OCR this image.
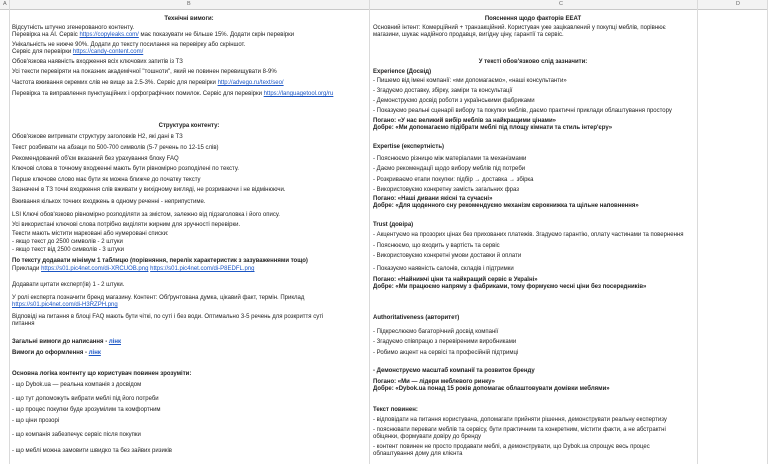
A	B	C	D
Технічні вимоги:
Відсутність штучно згенерованого контенту.
Перевірка на AI. Сервіс https://copyleaks.com/ має показувати не більше 15%. Додати скрін перевірки
Унікальність не нижче 90%. Додати до тексту посилання на перевірку або скріншот.
Сервіс для перевірки https://candy-content.com/
Обов'язкова наявність входження всіх ключових запитів із ТЗ
Усі тексти перевіряти на показник академічної "тошноти", який не повинен перевищувати 8-9%
Частота вживання окремих слів не вище за 2.5-3%. Сервіс для перевірки http://advego.ru/text/seo/
Перевірка та виправлення пунктуаційних і орфографічних помилок. Сервіс для перевірки https://languagetool.org/ru
Структура контенту:
Обов'язкове витримати структуру заголовків Н2, які дані в ТЗ
Текст розбивати на абзаци по 500-700 символів (5-7 речень по 12-15 слів)
Рекомендований об'єм вказаний без урахування блоку FAQ
Ключові слова в точному входженні мають бути рівномірно розподілені по тексту.
Перше ключове слово має бути як можна ближче до початку тексту
Зазначені в ТЗ точні входження слів вживати у вихідному вигляді, не розриваючи і не відмінюючи.
Вживання кількох точних входжень в одному реченні - неприпустиме.
LSI Ключі обов'язково рівномірно розподіляти за змістом, залежно від підзаголовка і його опису.
Усі використані ключові слова потрібно виділяти жирним для зручності перевірки.
Тексти мають містити марковані або нумеровані списки:
- якщо текст до 2500 символів - 2 штуки
- якщо текст від 2500 символів - 3 штуки
По тексту додавати мінімум 1 таблицю (порівняння, перелік характеристик з зазуваженнями тощо)
Приклади https://s01.pic4net.com/di-XRCUOB.png https://s01.pic4net.com/di-P8EDFL.png
Додавати цитати експерт(ів) 1 - 2 штуки.
У ролі експерта позначити бренд магазину. Контент: Обґрунтована думка, цікавий факт, термін. Приклад
https://s01.pic4net.com/di-H3RZPH.png
Відповіді на питання в блоці FAQ мають бути чіткі, по суті і без води. Оптимально 3-5 речень для розкриття суті
питання
Загальні вимоги до написання - лінк
Вимоги до оформлення - лінк
Основна логіка контенту що користувач повинен зрозуміти:
- що Dybok.ua — реальна компанія з досвідом
- що тут допоможуть вибрати меблі під його потреби
- що процес покупки буде зрозумілим та комфортним
- що ціни прозорі
- що компанія забезпечує сервіс після покупки
- що меблі можна замовити швидко та без зайвих ризиків
Пояснення щодо факторів ЕЕАТ
Основний інтент: Комерційний + транзакційний. Користувач уже зацікавлений у покупці меблів, порівнює
магазини, шукає надійного продавця, вигідну ціну, гарантії та сервіс.
У тексті обов'язково слід зазначити:
Experience (Досвід)
- Пишемо від імені компанії: «ми допомагаємо», «наші консультанти»
- Згадуємо доставку, збірку, заміри та консультації
- Демонструємо досвід роботи з українськими фабриками
- Показуємо реальні сценарії вибору та покупки меблів, даємо практичні приклади облаштування простору
Погано: «У нас великий вибір меблів за найкращими цінами»
Добре: «Ми допомагаємо підібрати меблі під площу кімнати та стиль інтер'єру»
Expertise (експертність)
- Пояснюємо різницю між матеріалами та механізмами
- Даємо рекомендації щодо вибору меблів під потреби
- Розкриваємо етапи покупки: підбір → доставка → збірка
- Використовуємо конкретну замість загальних фраз
Погано: «Наші дивани якісні та сучасні»
Добре: «Для щоденного сну рекомендуємо механізм єврокнижка та щільне наповнення»
Trust (довіра)
- Акцентуємо на прозорих цінах без прихованих платежів. Згадуємо гарантію, оплату частинами та повернення
- Пояснюємо, що входить у вартість та сервіс
- Використовуємо конкретні умови доставки й оплати
- Показуємо наявність салонів, складів і підтримки
Погано: «Найнижчі ціни та найкращий сервіс в Україні»
Добре: «Ми працюємо напряму з фабриками, тому формуємо чесні ціни без посередників»
Authoritativeness (авторитет)
- Підкреслюємо багаторічний досвід компанії
- Згадуємо співпрацю з перевіреними виробниками
- Робимо акцент на сервісі та професійній підтримці
- Демонструємо масштаб компанії та розвиток бренду
Погано: «Ми — лідери меблевого ринку»
Добре: «Dybok.ua понад 15 років допомагає облаштовувати домівки меблями»
Текст повинен:
- відповідати на питання користувача, допомагати прийняти рішення, демонструвати реальну експертизу
- пояснювати переваги меблів та сервісу, бути практичним та конкретним, містити факти, а не абстрактні
обіцянки, формувати довіру до бренду
- контент повинен не просто продавати меблі, а демонструвати, що Dybok.ua спрощує весь процес
облаштування дому для клієнта
